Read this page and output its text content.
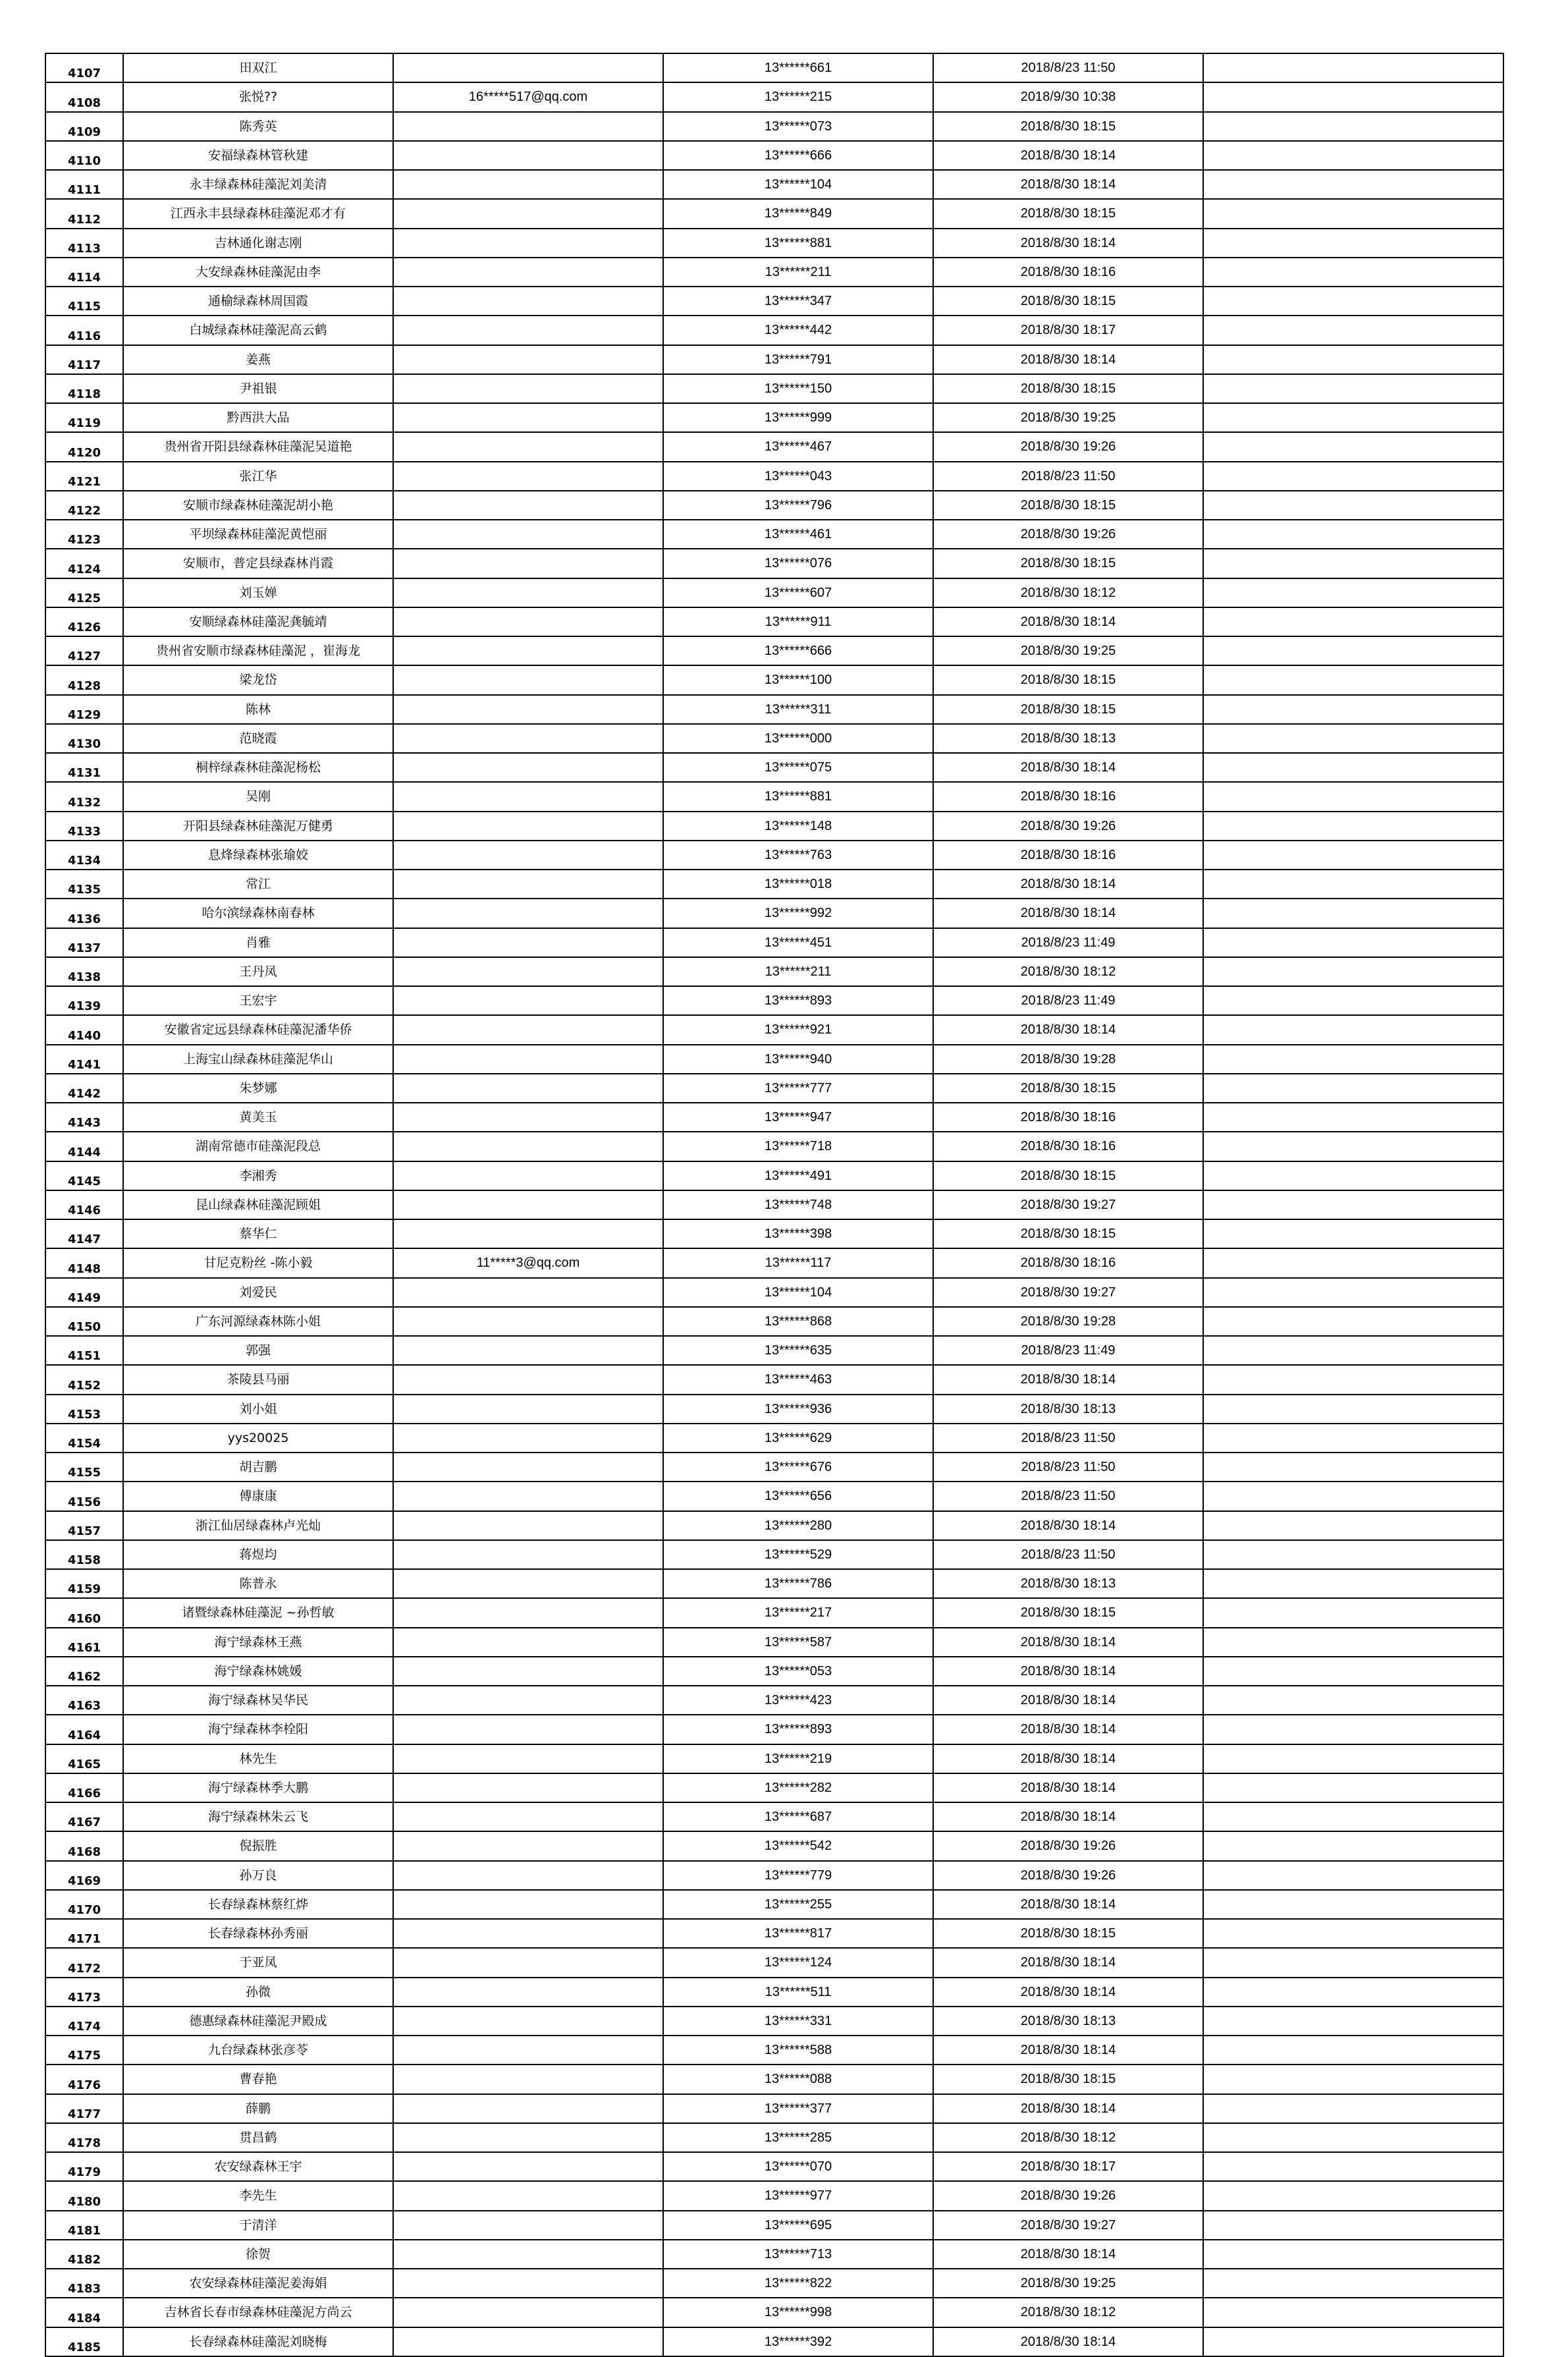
4107	田双江		13******661	2018/8/23 11:50	
4108	张悦??	16*****517@qq.com	13******215	2018/9/30 10:38	
4109	陈秀英		13******073	2018/8/30 18:15	
4110	安福绿森林管秋建		13******666	2018/8/30 18:14	
4111	永丰绿森林硅藻泥刘美清		13******104	2018/8/30 18:14	
4112	江西永丰县绿森林硅藻泥邓才有		13******849	2018/8/30 18:15	
4113	吉林通化谢志刚		13******881	2018/8/30 18:14	
4114	大安绿森林硅藻泥由李		13******211	2018/8/30 18:16	
4115	通榆绿森林周国霞		13******347	2018/8/30 18:15	
4116	白城绿森林硅藻泥高云鹤		13******442	2018/8/30 18:17	
4117	姜燕		13******791	2018/8/30 18:14	
4118	尹祖银		13******150	2018/8/30 18:15	
4119	黔西洪大品		13******999	2018/8/30 19:25	
4120	贵州省开阳县绿森林硅藻泥吴道艳		13******467	2018/8/30 19:26	
4121	张江华		13******043	2018/8/23 11:50	
4122	安顺市绿森林硅藻泥胡小艳		13******796	2018/8/30 18:15	
4123	平坝绿森林硅藻泥黄恺丽		13******461	2018/8/30 19:26	
4124	安顺市，普定县绿森林肖霞		13******076	2018/8/30 18:15	
4125	刘玉婵		13******607	2018/8/30 18:12	
4126	安顺绿森林硅藻泥龚毓靖		13******911	2018/8/30 18:14	
4127	贵州省安顺市绿森林硅藻泥 ，崔海龙		13******666	2018/8/30 19:25	
4128	梁龙岱		13******100	2018/8/30 18:15	
4129	陈林		13******311	2018/8/30 18:15	
4130	范晓霞		13******000	2018/8/30 18:13	
4131	桐梓绿森林硅藻泥杨松		13******075	2018/8/30 18:14	
4132	吴刚		13******881	2018/8/30 18:16	
4133	开阳县绿森林硅藻泥万健勇		13******148	2018/8/30 19:26	
4134	息烽绿森林张瑜姣		13******763	2018/8/30 18:16	
4135	常江		13******018	2018/8/30 18:14	
4136	哈尔滨绿森林南春林		13******992	2018/8/30 18:14	
4137	肖雅		13******451	2018/8/23 11:49	
4138	王丹凤		13******211	2018/8/30 18:12	
4139	王宏宇		13******893	2018/8/23 11:49	
4140	安徽省定远县绿森林硅藻泥潘华侨		13******921	2018/8/30 18:14	
4141	上海宝山绿森林硅藻泥华山		13******940	2018/8/30 19:28	
4142	朱梦娜		13******777	2018/8/30 18:15	
4143	黄美玉		13******947	2018/8/30 18:16	
4144	湖南常德市硅藻泥段总		13******718	2018/8/30 18:16	
4145	李湘秀		13******491	2018/8/30 18:15	
4146	昆山绿森林硅藻泥顾姐		13******748	2018/8/30 19:27	
4147	蔡华仁		13******398	2018/8/30 18:15	
4148	甘尼克粉丝 -陈小毅	11*****3@qq.com	13******117	2018/8/30 18:16	
4149	刘爱民		13******104	2018/8/30 19:27	
4150	广东河源绿森林陈小姐		13******868	2018/8/30 19:28	
4151	郭强		13******635	2018/8/23 11:49	
4152	茶陵县马丽		13******463	2018/8/30 18:14	
4153	刘小姐		13******936	2018/8/30 18:13	
4154	yys20025		13******629	2018/8/23 11:50	
4155	胡吉鹏		13******676	2018/8/23 11:50	
4156	傅康康		13******656	2018/8/23 11:50	
4157	浙江仙居绿森林卢光灿		13******280	2018/8/30 18:14	
4158	蒋煜均		13******529	2018/8/23 11:50	
4159	陈普永		13******786	2018/8/30 18:13	
4160	诸暨绿森林硅藻泥 ~孙哲敏		13******217	2018/8/30 18:15	
4161	海宁绿森林王燕		13******587	2018/8/30 18:14	
4162	海宁绿森林姚媛		13******053	2018/8/30 18:14	
4163	海宁绿森林吴华民		13******423	2018/8/30 18:14	
4164	海宁绿森林李栓阳		13******893	2018/8/30 18:14	
4165	林先生		13******219	2018/8/30 18:14	
4166	海宁绿森林季大鹏		13******282	2018/8/30 18:14	
4167	海宁绿森林朱云飞		13******687	2018/8/30 18:14	
4168	倪振胜		13******542	2018/8/30 19:26	
4169	孙万良		13******779	2018/8/30 19:26	
4170	长春绿森林蔡红烨		13******255	2018/8/30 18:14	
4171	长春绿森林孙秀丽		13******817	2018/8/30 18:15	
4172	于亚凤		13******124	2018/8/30 18:14	
4173	孙微		13******511	2018/8/30 18:14	
4174	德惠绿森林硅藻泥尹殿成		13******331	2018/8/30 18:13	
4175	九台绿森林张彦苓		13******588	2018/8/30 18:14	
4176	曹春艳		13******088	2018/8/30 18:15	
4177	薛鹏		13******377	2018/8/30 18:14	
4178	贯昌鹤		13******285	2018/8/30 18:12	
4179	农安绿森林王宇		13******070	2018/8/30 18:17	
4180	李先生		13******977	2018/8/30 19:26	
4181	于清洋		13******695	2018/8/30 19:27	
4182	徐贺		13******713	2018/8/30 18:14	
4183	农安绿森林硅藻泥姜海娟		13******822	2018/8/30 19:25	
4184	吉林省长春市绿森林硅藻泥方尚云		13******998	2018/8/30 18:12	
4185	长春绿森林硅藻泥刘晓梅		13******392	2018/8/30 18:14	
